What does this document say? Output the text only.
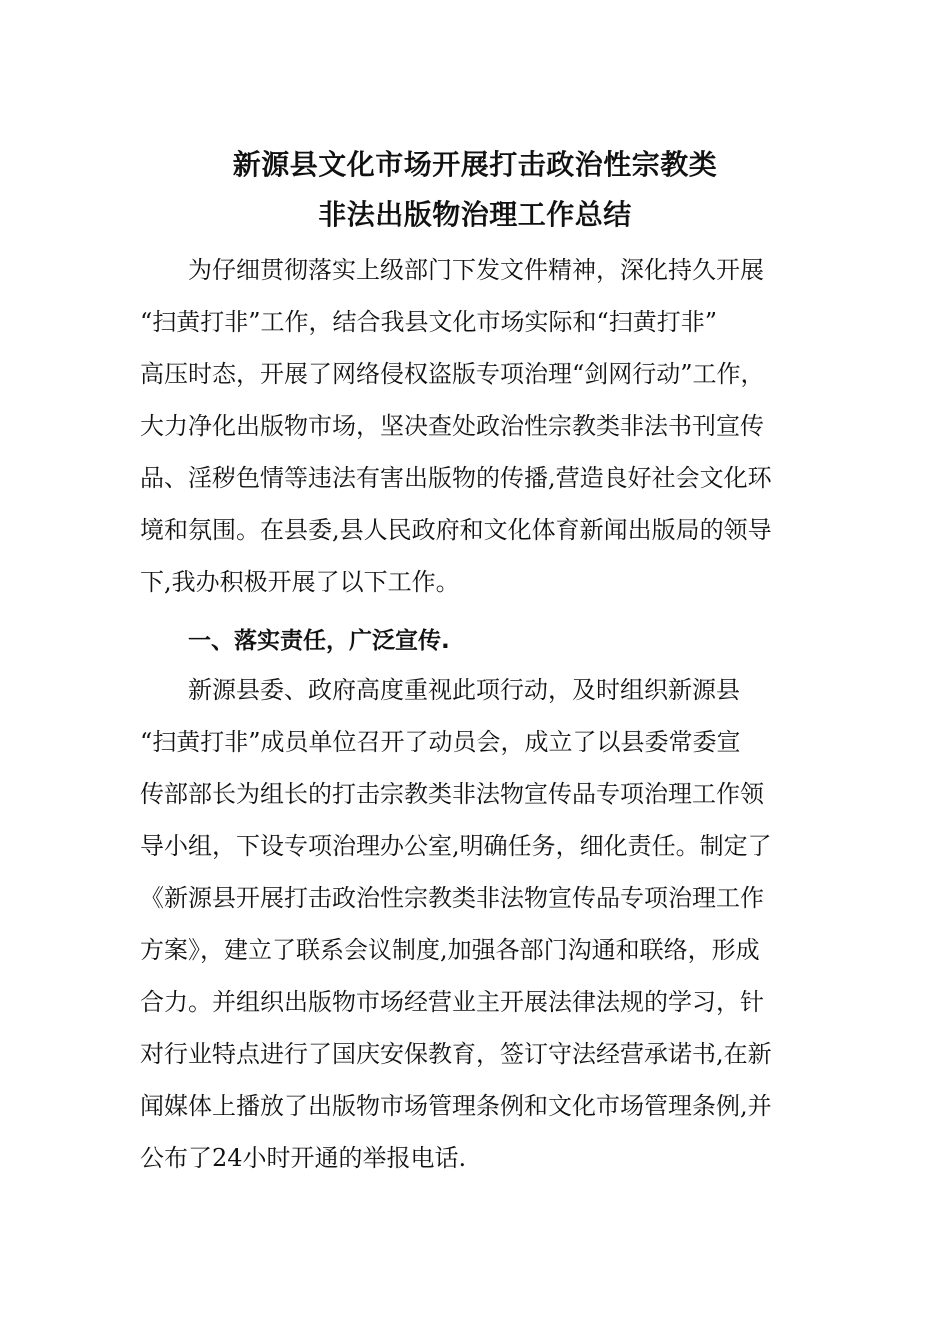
新源县文化市场开展打击政治性宗教类
非法出版物治理工作总结
为仔细贯彻落实上级部门下发文件精神，深化持久开展
“扫黄打非”工作，结合我县文化市场实际和“扫黄打非”
高压时态，开展了网络侵权盗版专项治理“剑网行动”工作，
大力净化出版物市场，坚决查处政治性宗教类非法书刊宣传
品、淫秽色情等违法有害出版物的传播,营造良好社会文化环
境和氛围。在县委,县人民政府和文化体育新闻出版局的领导
下,我办积极开展了以下工作。
一、落实责任，广泛宣传.
新源县委、政府高度重视此项行动，及时组织新源县
“扫黄打非”成员单位召开了动员会，成立了以县委常委宣
传部部长为组长的打击宗教类非法物宣传品专项治理工作领
导小组，下设专项治理办公室,明确任务，细化责任。制定了
《新源县开展打击政治性宗教类非法物宣传品专项治理工作
方案》，建立了联系会议制度,加强各部门沟通和联络，形成
合力。并组织出版物市场经营业主开展法律法规的学习，针
对行业特点进行了国庆安保教育，签订守法经营承诺书,在新
闻媒体上播放了出版物市场管理条例和文化市场管理条例,并
公布了24小时开通的举报电话.
